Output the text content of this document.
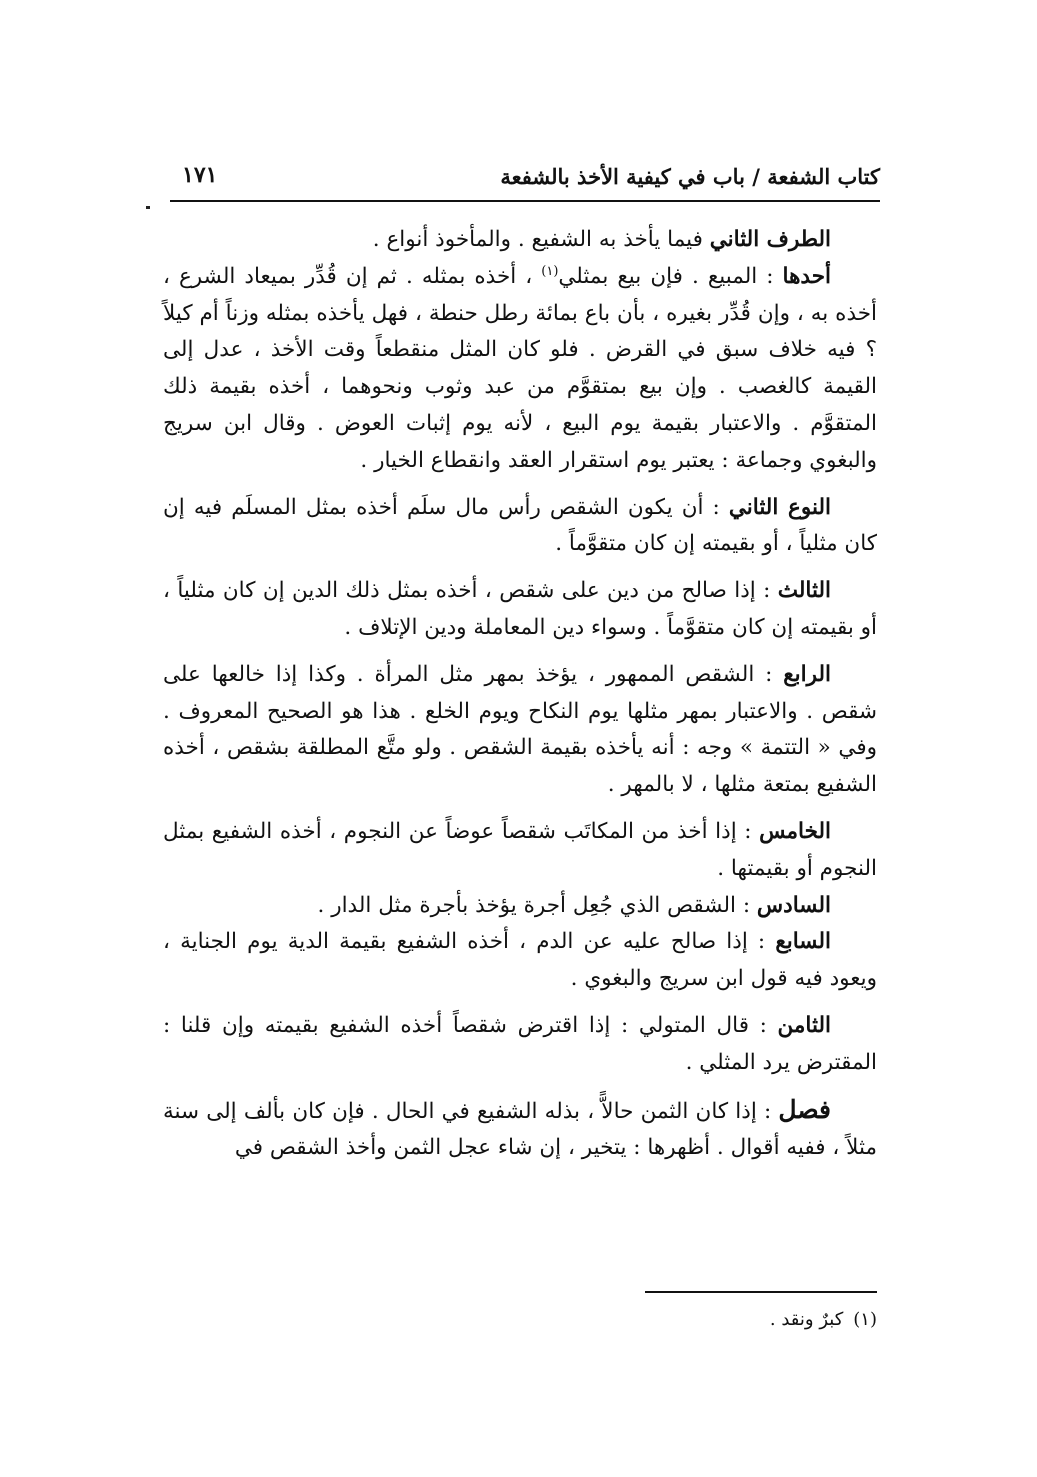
كتاب الشفعة / باب في كيفية الأخذ بالشفعة
١٧١

الطرف الثاني فيما يأخذ به الشفيع . والمأخوذ أنواع .

أحدها : المبيع . فإن بيع بمثلي$^{(١)}$ ، أخذه بمثله . ثم إن قُدِّر بميعاد الشرع ، أخذه به ، وإن قُدِّر بغيره ، بأن باع بمائة رطل حنطة ، فهل يأخذه بمثله وزناً أم كيلاً ؟ فيه خلاف سبق في القرض . فلو كان المثل منقطعاً وقت الأخذ ، عدل إلى القيمة كالغصب . وإن بيع بمتقوَّم من عبد وثوب ونحوهما ، أخذه بقيمة ذلك المتقوَّم . والاعتبار بقيمة يوم البيع ، لأنه يوم إثبات العوض . وقال ابن سريج والبغوي وجماعة : يعتبر يوم استقرار العقد وانقطاع الخيار .

النوع الثاني : أن يكون الشقص رأس مال سلَم أخذه بمثل المسلَم فيه إن كان مثلياً ، أو بقيمته إن كان متقوَّماً .

الثالث : إذا صالح من دين على شقص ، أخذه بمثل ذلك الدين إن كان مثلياً ، أو بقيمته إن كان متقوَّماً . وسواء دين المعاملة ودين الإتلاف .

الرابع : الشقص الممهور ، يؤخذ بمهر مثل المرأة . وكذا إذا خالعها على شقص . والاعتبار بمهر مثلها يوم النكاح ويوم الخلع . هذا هو الصحيح المعروف . وفي « التتمة » وجه : أنه يأخذه بقيمة الشقص . ولو متَّع المطلقة بشقص ، أخذه الشفيع بمتعة مثلها ، لا بالمهر .

الخامس : إذا أخذ من المكاتَب شقصاً عوضاً عن النجوم ، أخذه الشفيع بمثل النجوم أو بقيمتها .

السادس : الشقص الذي جُعِل أجرة يؤخذ بأجرة مثل الدار .

السابع : إذا صالح عليه عن الدم ، أخذه الشفيع بقيمة الدية يوم الجناية ، ويعود فيه قول ابن سريج والبغوي .

الثامن : قال المتولي : إذا اقترض شقصاً أخذه الشفيع بقيمته وإن قلنا : المقترض يرد المثلي .

فصل : إذا كان الثمن حالاًّ ، بذله الشفيع في الحال . فإن كان بألف إلى سنة مثلاً ، ففيه أقوال . أظهرها : يتخير ، إن شاء عجل الثمن وأخذ الشقص في

(١)كبرٌ ونقد .
